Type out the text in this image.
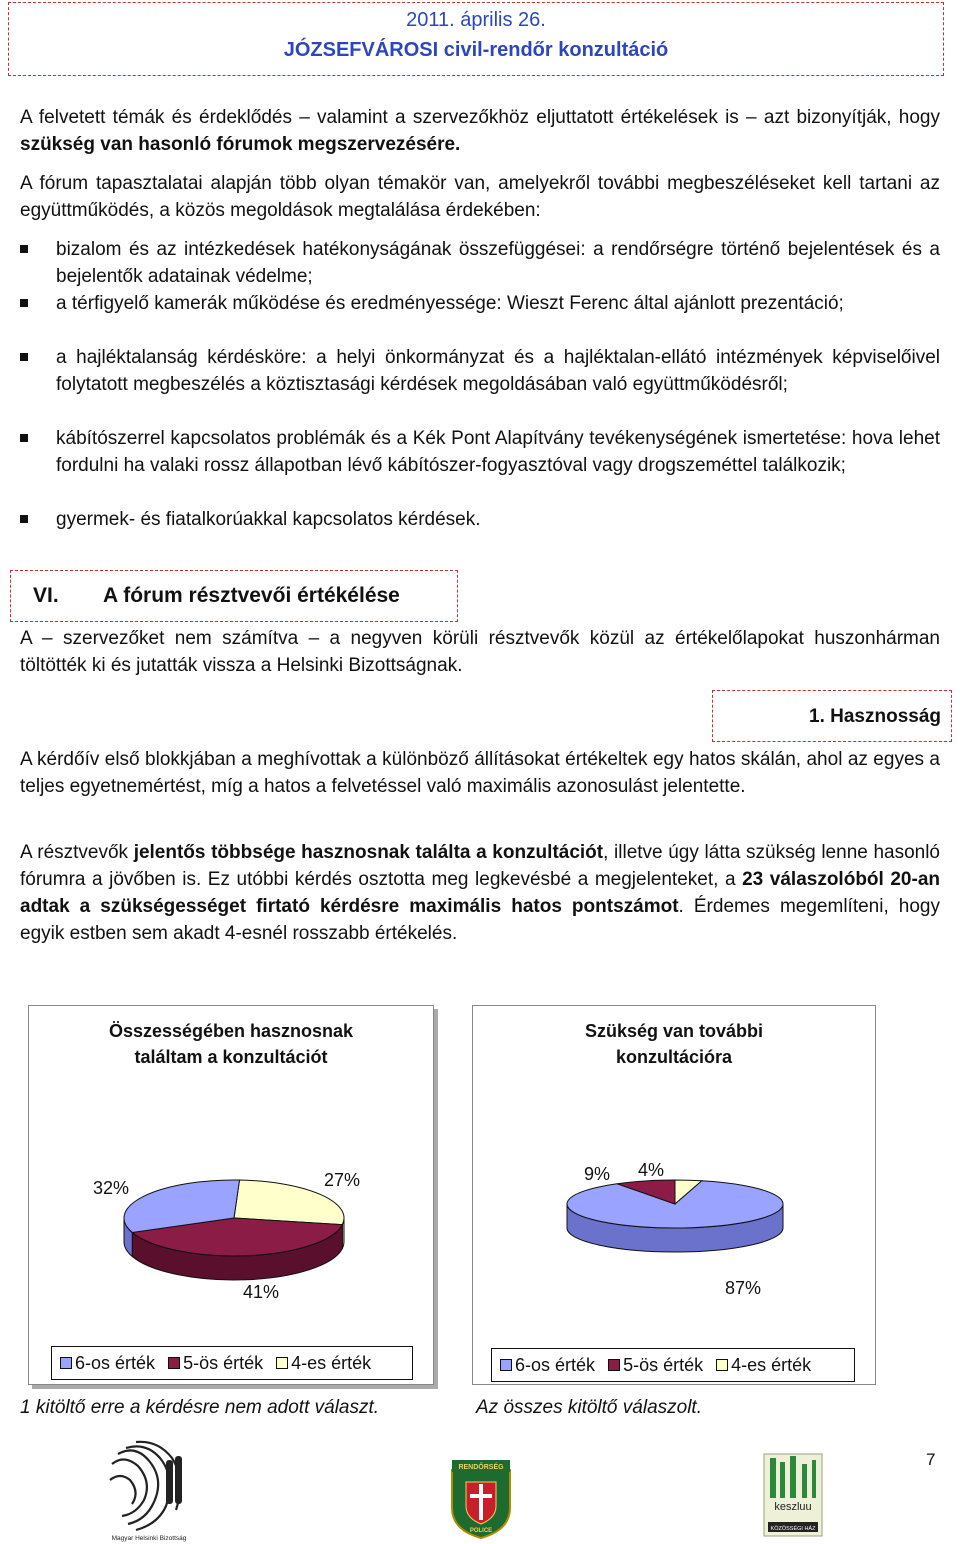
2011. április 26.
JÓZSEFVÁROSI civil-rendőr konzultáció
A felvetett témák és érdeklődés – valamint a szervezőkhöz eljuttatott értékelések is – azt bizonyítják, hogy szükség van hasonló fórumok megszervezésére.
A fórum tapasztalatai alapján több olyan témakör van, amelyekről további megbeszéléseket kell tartani az együttműködés, a közös megoldások megtalálása érdekében:
bizalom és az intézkedések hatékonyságának összefüggései: a rendőrségre történő bejelentések és a bejelentők adatainak védelme;
a térfigyelő kamerák működése és eredményessége: Wieszt Ferenc által ajánlott prezentáció;
a hajléktalanság kérdésköre: a helyi önkormányzat és a hajléktalan-ellátó intézmények képviselőivel folytatott megbeszélés a köztisztasági kérdések megoldásában való együttműködésről;
kábítószerrel kapcsolatos problémák és a Kék Pont Alapítvány tevékenységének ismertetése: hova lehet fordulni ha valaki rossz állapotban lévő kábítószer-fogyasztóval vagy drogszeméttel találkozik;
gyermek- és fiatalkorúakkal kapcsolatos kérdések.
VI. A fórum résztvevői értékélése
A – szervezőket nem számítva – a negyven körüli résztvevők közül az értékelőlapokat huszonhárman töltötték ki és jutatták vissza a Helsinki Bizottságnak.
1. Hasznosság
A kérdőív első blokkjában a meghívottak a különböző állításokat értékeltek egy hatos skálán, ahol az egyes a teljes egyetnemértést, míg a hatos a felvetéssel való maximális azonosulást jelentette.
A résztvevők jelentős többsége hasznosnak találta a konzultációt, illetve úgy látta szükség lenne hasonló fórumra a jövőben is. Ez utóbbi kérdés osztotta meg legkevésbé a megjelenteket, a 23 válaszolóból 20-an adtak a szükségességet firtató kérdésre maximális hatos pontszámot. Érdemes megemlíteni, hogy egyik estben sem akadt 4-esnél rosszabb értékelés.
Összességében hasznosnak
találtam a konzultációt
27%
41%
32%
6-os érték 5-ös érték 4-es érték
Szükség van további
konzultációra
4%
87%
9%
6-os érték 5-ös érték 4-es érték
1 kitöltő erre a kérdésre nem adott választ.	Az összes kitöltő válaszolt.
7
Magyar Helsinki Bizottság
RENDŐRSÉG
POLICE
keszluu
KÖZÖSSÉGI HÁZ
